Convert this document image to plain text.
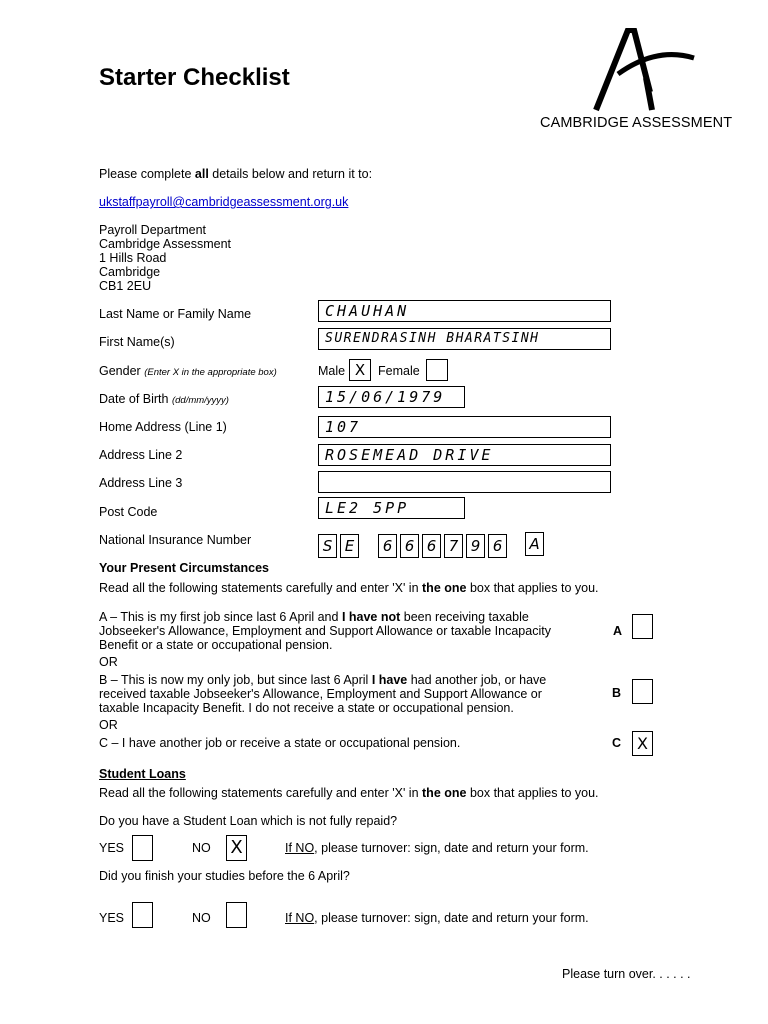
Starter Checklist
CAMBRIDGE ASSESSMENT
Please complete all details below and return it to:
ukstaffpayroll@cambridgeassessment.org.uk
Payroll Department
Cambridge Assessment
1 Hills Road
Cambridge
CB1 2EU
Last Name or Family Name	CHAUHAN
First Name(s)	SURENDRASINH BHARATSINH
Gender (Enter X in the appropriate box)	Male X	Female
Date of Birth (dd/mm/yyyy)	15/06/1979
Home Address (Line 1)	107
Address Line 2	ROSEMEAD DRIVE
Address Line 3
Post Code	LE2 5PP
National Insurance Number	S E	6 6 6 7 9 6	A
Your Present Circumstances
Read all the following statements carefully and enter 'X' in the one box that applies to you.
A – This is my first job since last 6 April and I have not been receiving taxable
Jobseeker's Allowance, Employment and Support Allowance or taxable Incapacity
Benefit or a state or occupational pension.
A
OR
B – This is now my only job, but since last 6 April I have had another job, or have
received taxable Jobseeker's Allowance, Employment and Support Allowance or
taxable Incapacity Benefit. I do not receive a state or occupational pension.
B
OR
C – I have another job or receive a state or occupational pension.	C X
Student Loans
Read all the following statements carefully and enter 'X' in the one box that applies to you.
Do you have a Student Loan which is not fully repaid?
YES	NO X	If NO, please turnover: sign, date and return your form.
Did you finish your studies before the 6 April?
YES	NO	If NO, please turnover: sign, date and return your form.
Please turn over. . . . . .
